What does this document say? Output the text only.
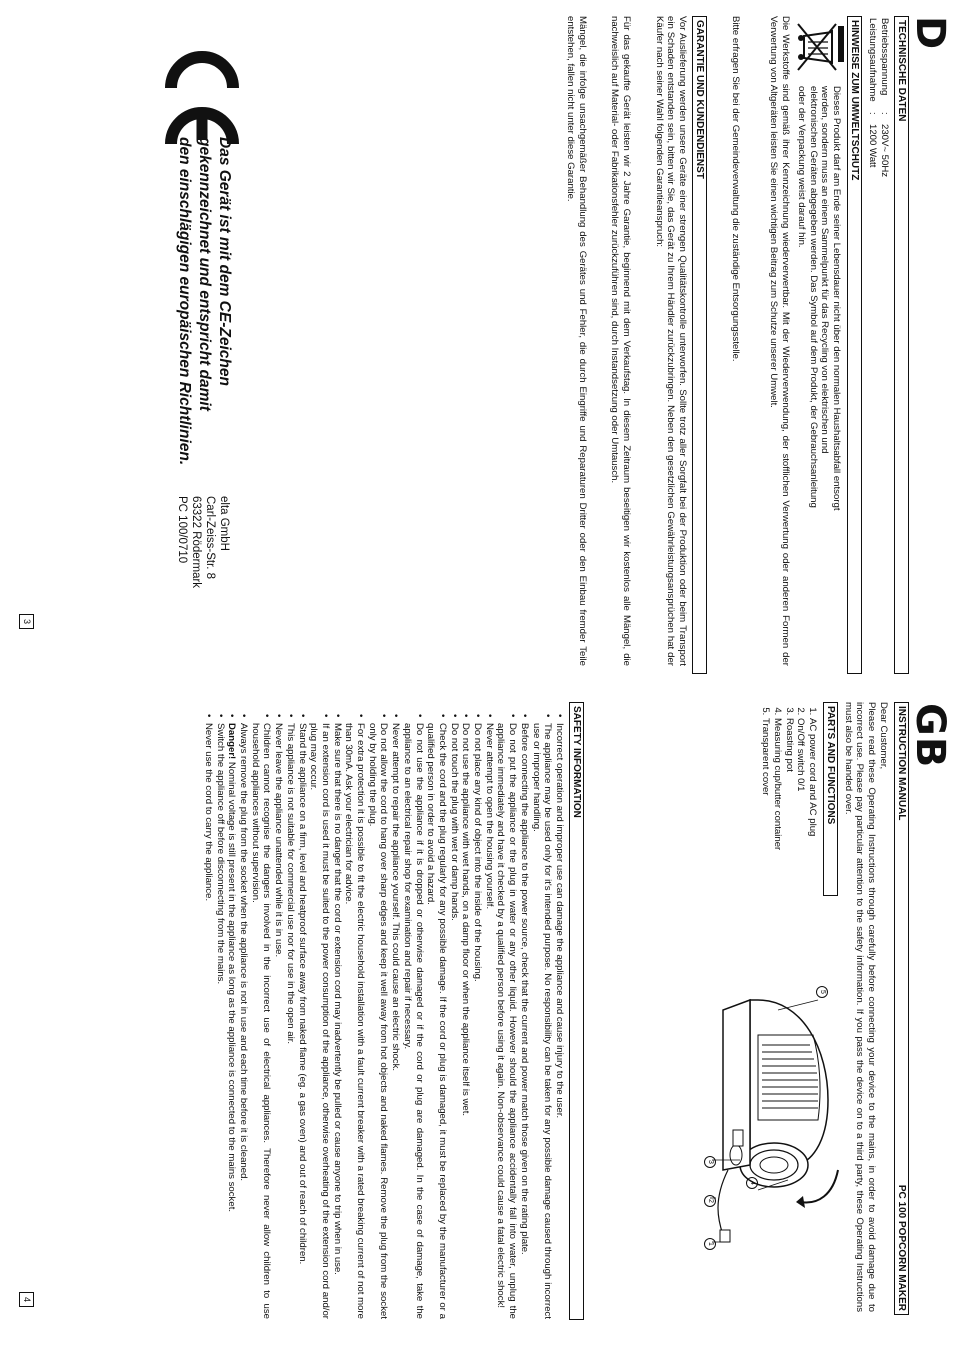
D
TECHNISCHE DATEN
Betriebsspannung
:
230V~ 50Hz
Leistungsaufnahme
:
1200 Watt
HINWEISE ZUM UMWELTSCHUTZ
Dieses Produkt darf am Ende seiner Lebensdauer nicht über den normalen Haushaltsabfall entsorgt
werden, sondern muss an einem Sammelpunkt für das Recycling von elektrischen und
elektronischen Geräten abgegeben werden. Das Symbol auf dem Produkt, der Gebrauchsanleitung
oder der Verpackung weist darauf hin.
Die Werkstoffe sind gemäß ihrer Kennzeichnung wiederverwertbar. Mit der Wiederverwendung, der stofflichen Verwertung oder anderen Formen der Verwertung von Altgeräten leisten Sie einen wichtigen Beitrag zum Schutze unserer Umwelt.
Bitte erfragen Sie bei der Gemeindeverwaltung die zuständige Entsorgungsstelle.
GARANTIE UND KUNDENDIENST
Vor Auslieferung werden unsere Geräte einer strengen Qualitätskontrolle unterworfen. Sollte trotz aller Sorgfalt bei der Produktion oder beim Transport ein Schaden entstanden sein, bitten wir Sie, das Gerät zu Ihrem Händler zurückzubringen. Neben den gesetzlichen Gewährleistungsansprüchen hat der Käufer nach seiner Wahl folgenden Garantieanspruch:
Für das gekaufte Gerät leisten wir 2 Jahre Garantie, beginnend mit dem Verkaufstag. In diesem Zeitraum beseitigen wir kostenlos alle Mängel, die nachweislich auf Material- oder Fabrikationsfehler zurückzuführen sind, durch Instandsetzung oder Umtausch.
Mängel, die infolge unsachgemäßer Behandlung des Gerätes und Fehler, die durch Eingriffe und Reparaturen Dritter oder den Einbau fremder Teile entstehen, fallen nicht unter diese Garantie.
Das Gerät ist mit dem CE-Zeichen
gekennzeichnet und entspricht damit
den einschlägigen europäischen Richtlinien.
elta GmbH
Carl-Zeiss-Str. 8
63322 Rödermark
PC 100/0710
3
GB
INSTRUCTION MANUAL
PC 100 POPCORN MAKER
Dear Customer,
Please read these Operating Instructions through carefully before connecting your device to the mains, in order to avoid damage due to incorrect use. Please pay particular attention to the safety information. If you pass the device on to a third party, these Operating Instructions must also be handed over.
PARTS AND FUNCTIONS
1. AC power cord and AC plug
2. On/Off switch 0/1
3. Roasting pot
4. Measuring cup/butter container
5. Transparent cover
1
2
3
4
5
SAFETY INFORMATION
• Incorrect operation and improper use can damage the appliance and cause injury to the user.
• The appliance may be used only for it's intended purpose. No responsibility can be taken for any possible damage caused through incorrect use or improper handling.
• Before connecting the appliance to the power source, check that the current and power match those given on the rating plate.
• Do not put the appliance or the plug in water or any other liquid. However should the appliance accidentally fall into water, unplug the appliance immediately and have it checked by a qualified person before using it again. Non-observance could cause a fatal electric shock!
• Never attempt to open the housing yourself.
• Do not place any kind of object into the inside of the housing.
• Do not use the appliance with wet hands, on a damp floor or when the appliance itself is wet.
• Do not touch the plug with wet or damp hands.
• Check the cord and the plug regularly for any possible damage. If the cord or plug is damaged, it must be replaced by the manufacturer or a qualified person in order to avoid a hazard.
• Do not use the appliance if it is dropped or otherwise damaged or if the cord or plug are damaged. In the case of damage, take the appliance to an electrical repair shop for examination and repair if necessary.
• Never attempt to repair the appliance yourself. This could cause an electric shock.
• Do not allow the cord to hang over sharp edges and keep it well away from hot objects and naked flames. Remove the plug from the socket only by holding the plug.
• For extra protection it is possible to fit the electric household installation with a fault current breaker with a rated breaking current of not more than 30mA. Ask your electrician for advice.
• Make sure that there is no danger that the cord or extension cord may inadvertently be pulled or cause anyone to trip when in use.
• If an extension cord is used it must be suited to the power consumption of the appliance, otherwise overheating of the extension cord and/or plug may occur.
• Stand the appliance on a firm, level and heatproof surface away from naked flame (eg. a gas oven) and out of reach of children.
• This appliance is not suitable for commercial use nor for use in the open air.
• Never leave the appliance unattended while it is in use.
• Children cannot recognise the dangers involved in the incorrect use of electrical appliances. Therefore never allow children to use household appliances without supervision.
• Always remove the plug from the socket when the appliance is not in use and each time before it is cleaned.
• Danger! Nominal voltage is still present in the appliance as long as the appliance is connected to the mains socket.
• Switch the appliance off before disconnecting from the mains.
• Never use the cord to carry the appliance.
4
